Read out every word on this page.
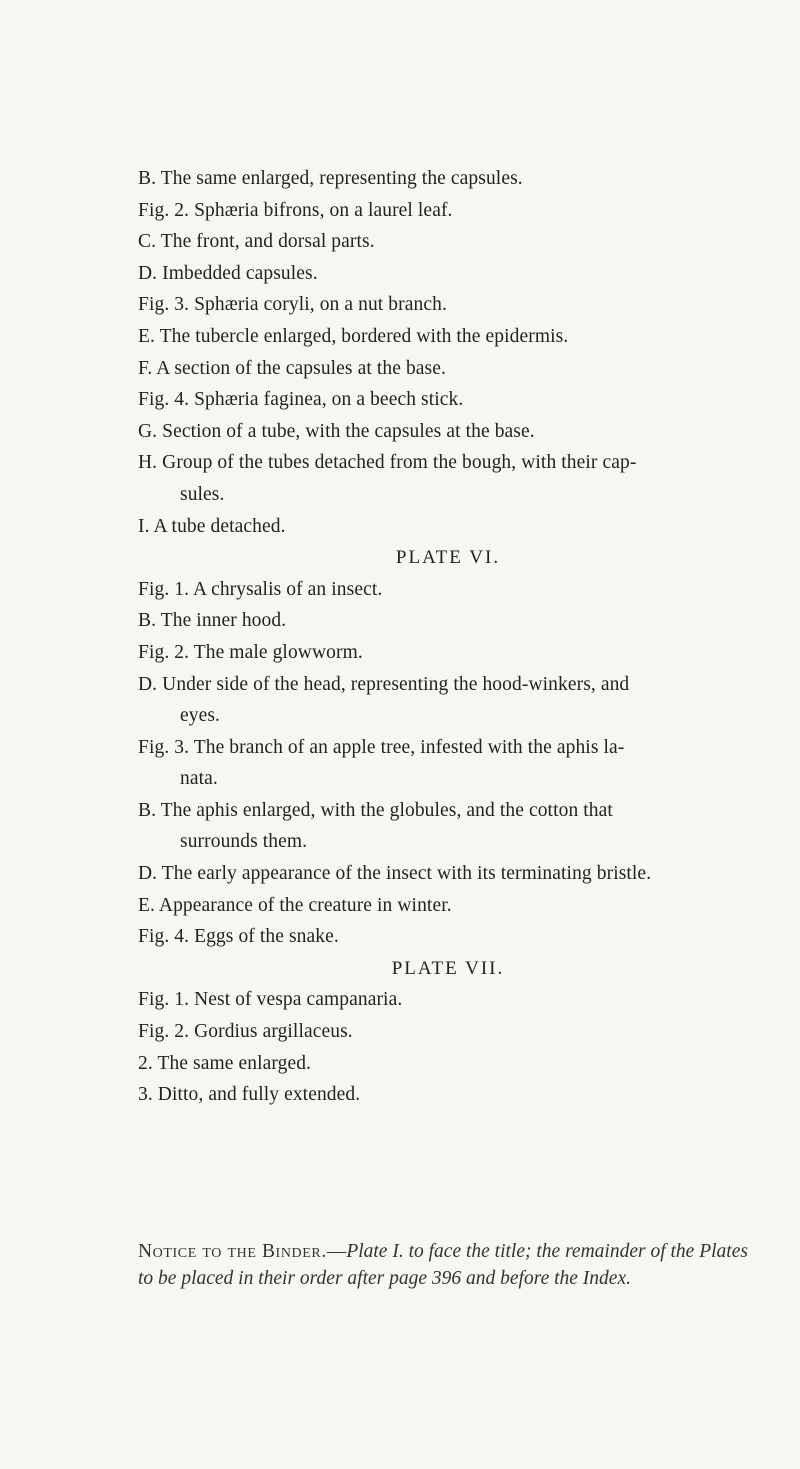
B. The same enlarged, representing the capsules.
Fig. 2. Sphæria bifrons, on a laurel leaf.
C. The front, and dorsal parts.
D. Imbedded capsules.
Fig. 3. Sphæria coryli, on a nut branch.
E. The tubercle enlarged, bordered with the epidermis.
F. A section of the capsules at the base.
Fig. 4. Sphæria faginea, on a beech stick.
G. Section of a tube, with the capsules at the base.
H. Group of the tubes detached from the bough, with their cap-
sules.
I. A tube detached.
PLATE VI.
Fig. 1. A chrysalis of an insect.
B. The inner hood.
Fig. 2. The male glowworm.
D. Under side of the head, representing the hood-winkers, and
eyes.
Fig. 3. The branch of an apple tree, infested with the aphis la-
nata.
B. The aphis enlarged, with the globules, and the cotton that
surrounds them.
D. The early appearance of the insect with its terminating bristle.
E. Appearance of the creature in winter.
Fig. 4. Eggs of the snake.
PLATE VII.
Fig. 1. Nest of vespa campanaria.
Fig. 2. Gordius argillaceus.
2. The same enlarged.
3. Ditto, and fully extended.
Notice to the Binder.—Plate I. to face the title; the remainder of the Plates to be placed in their order after page 396 and before the Index.
